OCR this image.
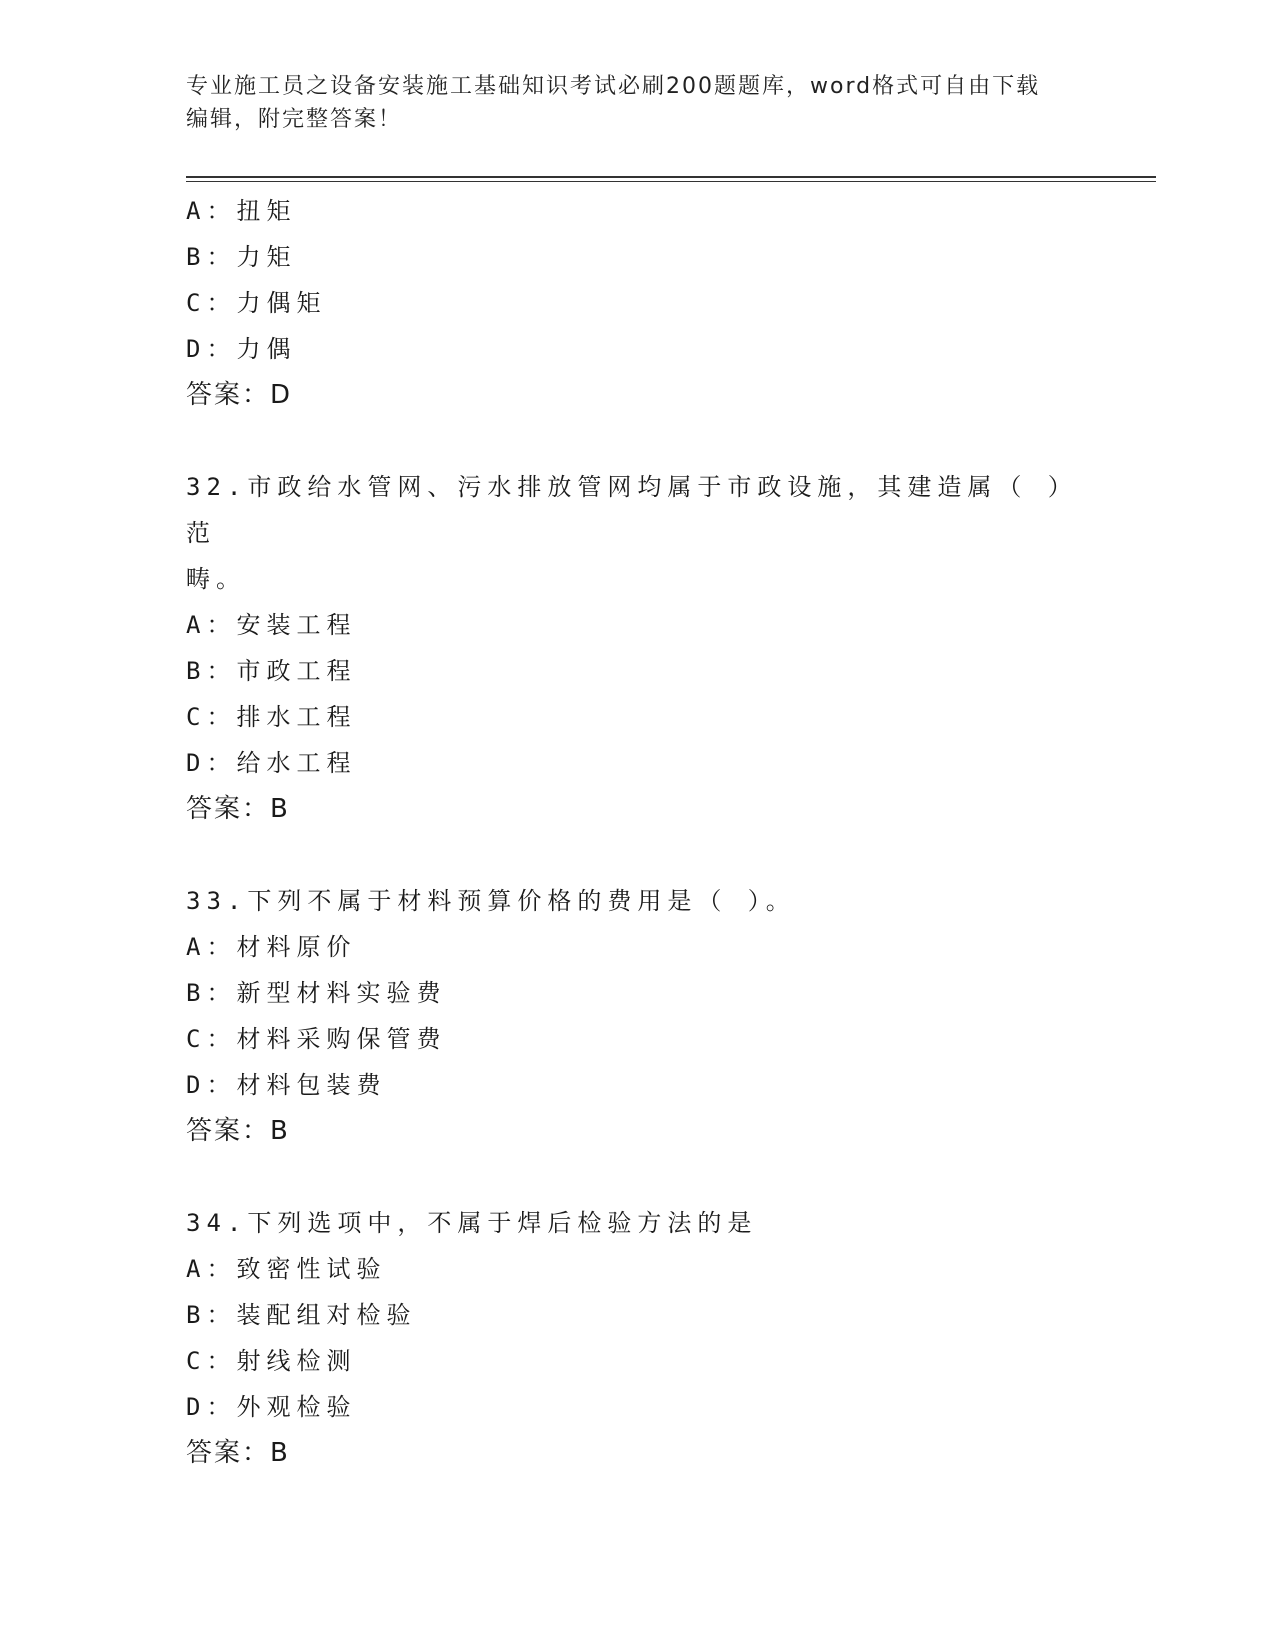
专业施工员之设备安装施工基础知识考试必刷200题题库，word格式可自由下载

编辑，附完整答案！

A：扭矩

B：力矩

C：力偶矩

D：力偶

答案：D

32.市政给水管网、污水排放管网均属于市政设施，其建造属（ ）范

畴。

A：安装工程

B：市政工程

C：排水工程

D：给水工程

答案：B

33.下列不属于材料预算价格的费用是（ ）。

A：材料原价

B：新型材料实验费

C：材料采购保管费

D：材料包装费

答案：B

34.下列选项中，不属于焊后检验方法的是

A：致密性试验

B：装配组对检验

C：射线检测

D：外观检验

答案：B
